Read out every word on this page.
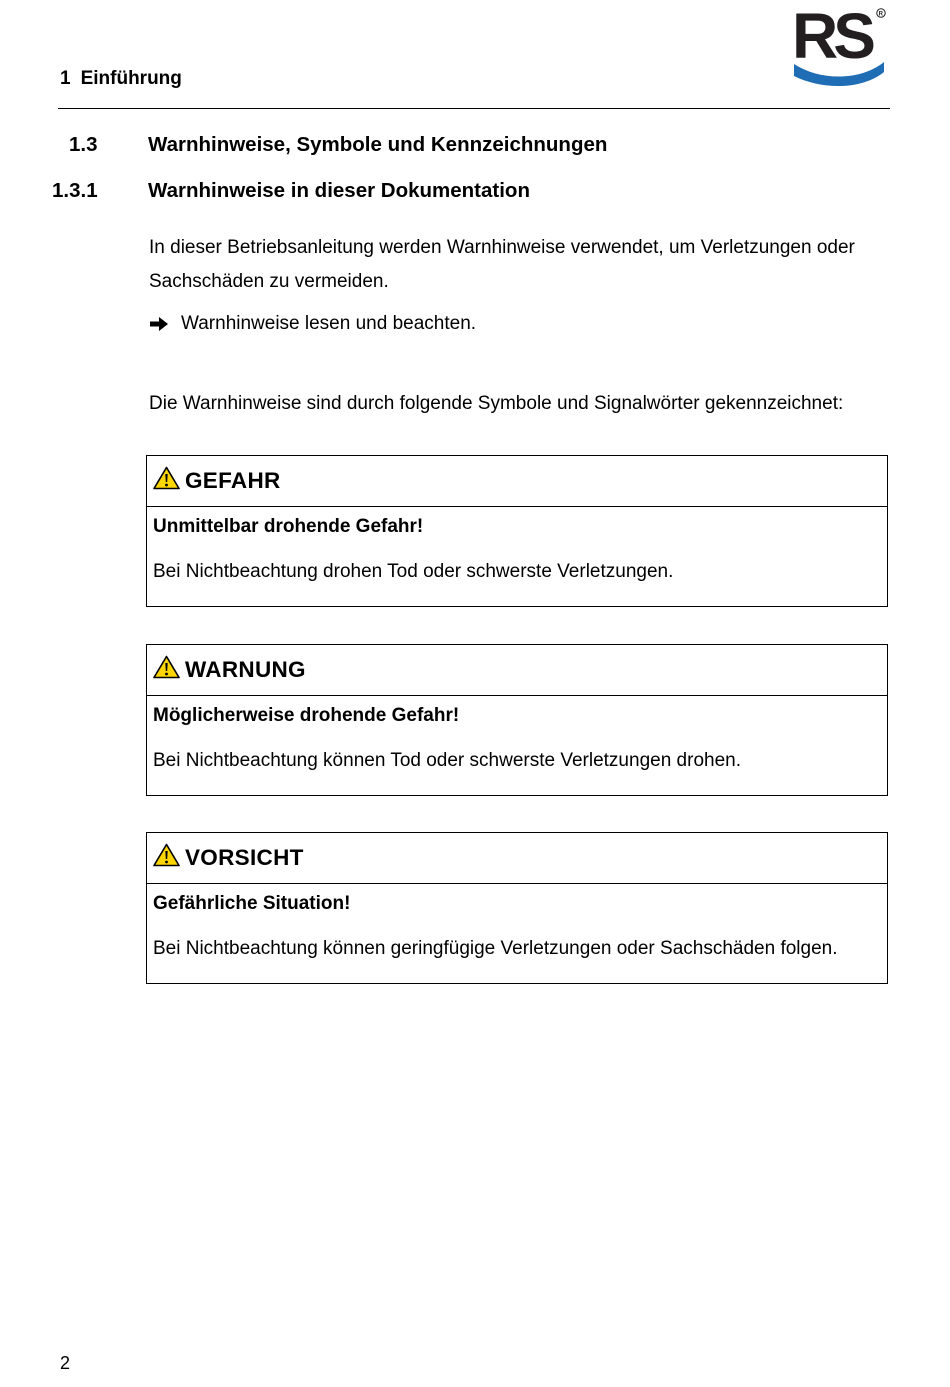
1 Einführung
RS	R
1.3 Warnhinweise, Symbole und Kennzeichnungen
1.3.1 Warnhinweise in dieser Dokumentation

In dieser Betriebsanleitung werden Warnhinweise verwendet, um Verletzungen oder Sachschäden zu vermeiden.

Warnhinweise lesen und beachten.

Die Warnhinweise sind durch folgende Symbole und Signalwörter gekennzeichnet:

GEFAHR
Unmittelbar drohende Gefahr!
Bei Nichtbeachtung drohen Tod oder schwerste Verletzungen.
WARNUNG
Möglicherweise drohende Gefahr!
Bei Nichtbeachtung können Tod oder schwerste Verletzungen drohen.
VORSICHT
Gefährliche Situation!
Bei Nichtbeachtung können geringfügige Verletzungen oder Sachschäden folgen.
2
